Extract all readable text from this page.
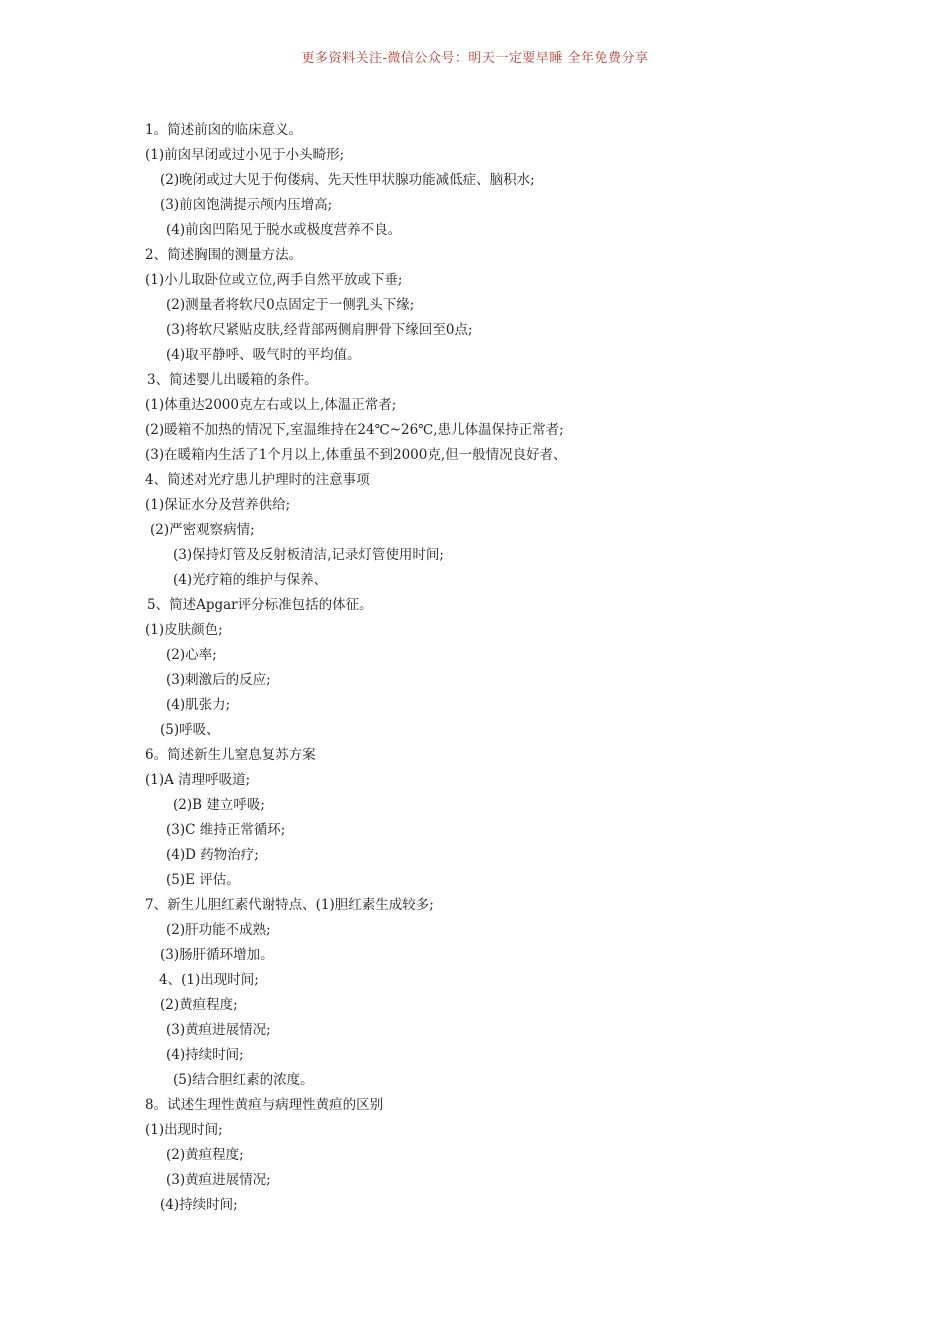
更多资料关注-微信公众号：明天一定要早睡 全年免费分享
1。简述前囟的临床意义。
(1)前囟早闭或过小见于小头畸形;
(2)晚闭或过大见于佝偻病、先天性甲状腺功能减低症、脑积水;
(3)前囟饱满提示颅内压增高;
(4)前囟凹陷见于脱水或极度营养不良。
2、简述胸围的测量方法。
(1)小儿取卧位或立位,两手自然平放或下垂;
(2)测量者将软尺0点固定于一侧乳头下缘;
(3)将软尺紧贴皮肤,经背部两侧肩胛骨下缘回至0点;
(4)取平静呼、吸气时的平均值。
3、简述婴儿出暖箱的条件。
(1)体重达2000克左右或以上,体温正常者;
(2)暖箱不加热的情况下,室温维持在24℃~26℃,患儿体温保持正常者;
(3)在暖箱内生活了1个月以上,体重虽不到2000克,但一般情况良好者、
4、简述对光疗患儿护理时的注意事项
(1)保证水分及营养供给;
(2)严密观察病情;
(3)保持灯管及反射板清洁,记录灯管使用时间;
(4)光疗箱的维护与保养、
5、简述Apgar评分标准包括的体征。
(1)皮肤颜色;
(2)心率;
(3)刺激后的反应;
(4)肌张力;
(5)呼吸、
6。简述新生儿窒息复苏方案
(1)A 清理呼吸道;
(2)B 建立呼吸;
(3)C 维持正常循环;
(4)D 药物治疗;
(5)E 评估。
7、新生儿胆红素代谢特点、(1)胆红素生成较多;
(2)肝功能不成熟;
(3)肠肝循环增加。
4、(1)出现时间;
(2)黄疸程度;
(3)黄疸进展情况;
(4)持续时间;
(5)结合胆红素的浓度。
8。试述生理性黄疸与病理性黄疸的区别
(1)出现时间;
(2)黄疸程度;
(3)黄疸进展情况;
(4)持续时间;
